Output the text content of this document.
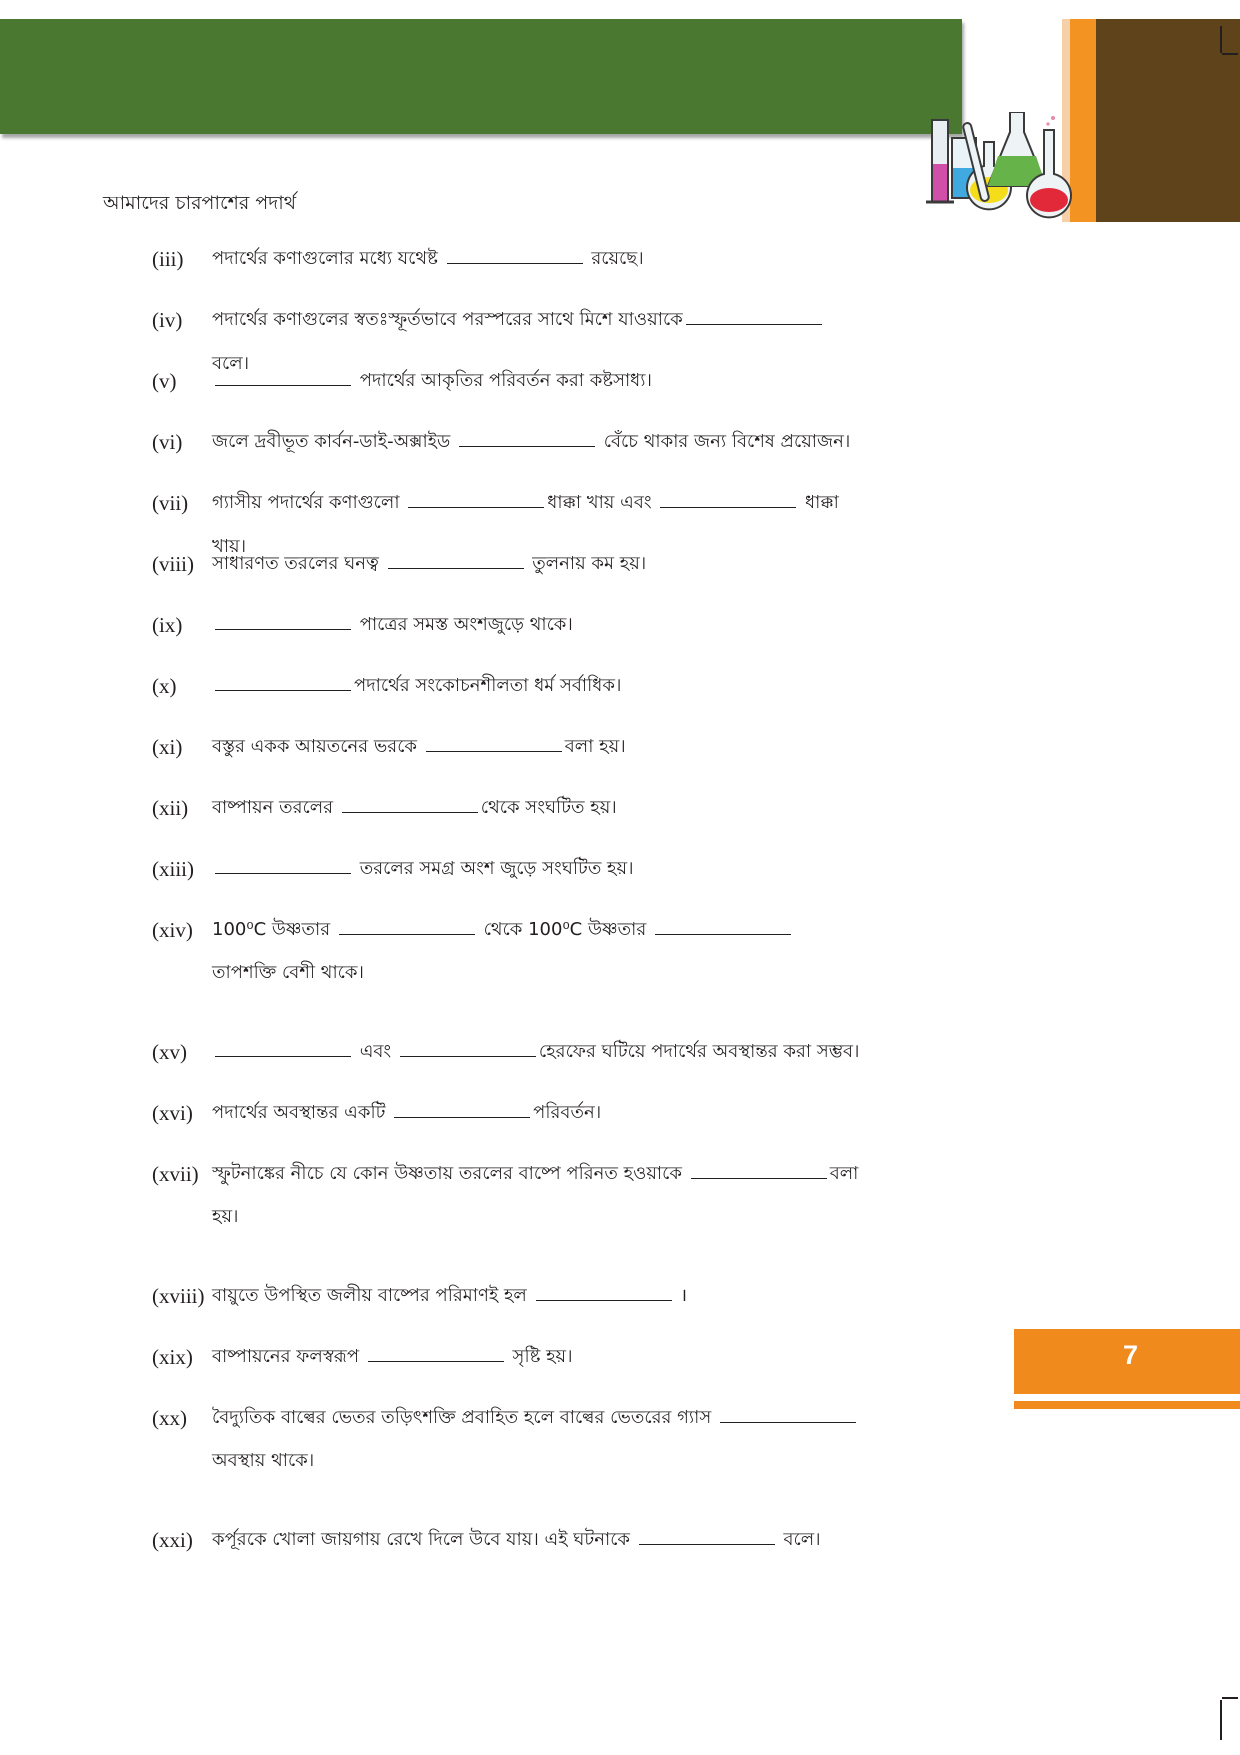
আমাদের চারপাশের পদার্থ
(iii)	পদার্থের কণাগুলোর মধ্যে যথেষ্ট	রয়েছে।
(iv)	পদার্থের কণাগুলের স্বতঃস্ফূর্তভাবে পরস্পরের সাথে মিশে যাওয়াকে	বলে।
(v)	পদার্থের আকৃতির পরিবর্তন করা কষ্টসাধ্য।
(vi)	জলে দ্রবীভূত কার্বন-ডাই-অক্সাইড	বেঁচে থাকার জন্য বিশেষ প্রয়োজন।
(vii)	গ্যাসীয় পদার্থের কণাগুলো	ধাক্কা খায় এবং	ধাক্কা খায়।
(viii)	সাধারণত তরলের ঘনত্ব	তুলনায় কম হয়।
(ix)	পাত্রের সমস্ত অংশজুড়ে থাকে।
(x)	পদার্থের সংকোচনশীলতা ধর্ম সর্বাধিক।
(xi)	বস্তুর একক আয়তনের ভরকে	বলা হয়।
(xii)	বাষ্পায়ন তরলের	থেকে সংঘটিত হয়।
(xiii)	তরলের সমগ্র অংশ জুড়ে সংঘটিত হয়।
(xiv)	100⁰C উষ্ণতার	থেকে 100⁰C উষ্ণতার	তাপশক্তি বেশী থাকে।
(xv)	এবং	হেরফের ঘটিয়ে পদার্থের অবস্থান্তর করা সম্ভব।
(xvi)	পদার্থের অবস্থান্তর একটি	পরিবর্তন।
(xvii) স্ফুটনাঙ্কের নীচে যে কোন উষ্ণতায় তরলের বাষ্পে পরিনত হওয়াকে	বলা হয়।
(xviii) বায়ুতে উপস্থিত জলীয় বাষ্পের পরিমাণই হল	।
(xix)	বাষ্পায়নের ফলস্বরূপ	সৃষ্টি হয়।
(xx)	বৈদ্যুতিক বাল্বের ভেতর তড়িৎশক্তি প্রবাহিত হলে বাল্বের ভেতরের গ্যাস	অবস্থায় থাকে।
(xxi)	কর্পূরকে খোলা জায়গায় রেখে দিলে উবে যায়। এই ঘটনাকে	বলে।
7
